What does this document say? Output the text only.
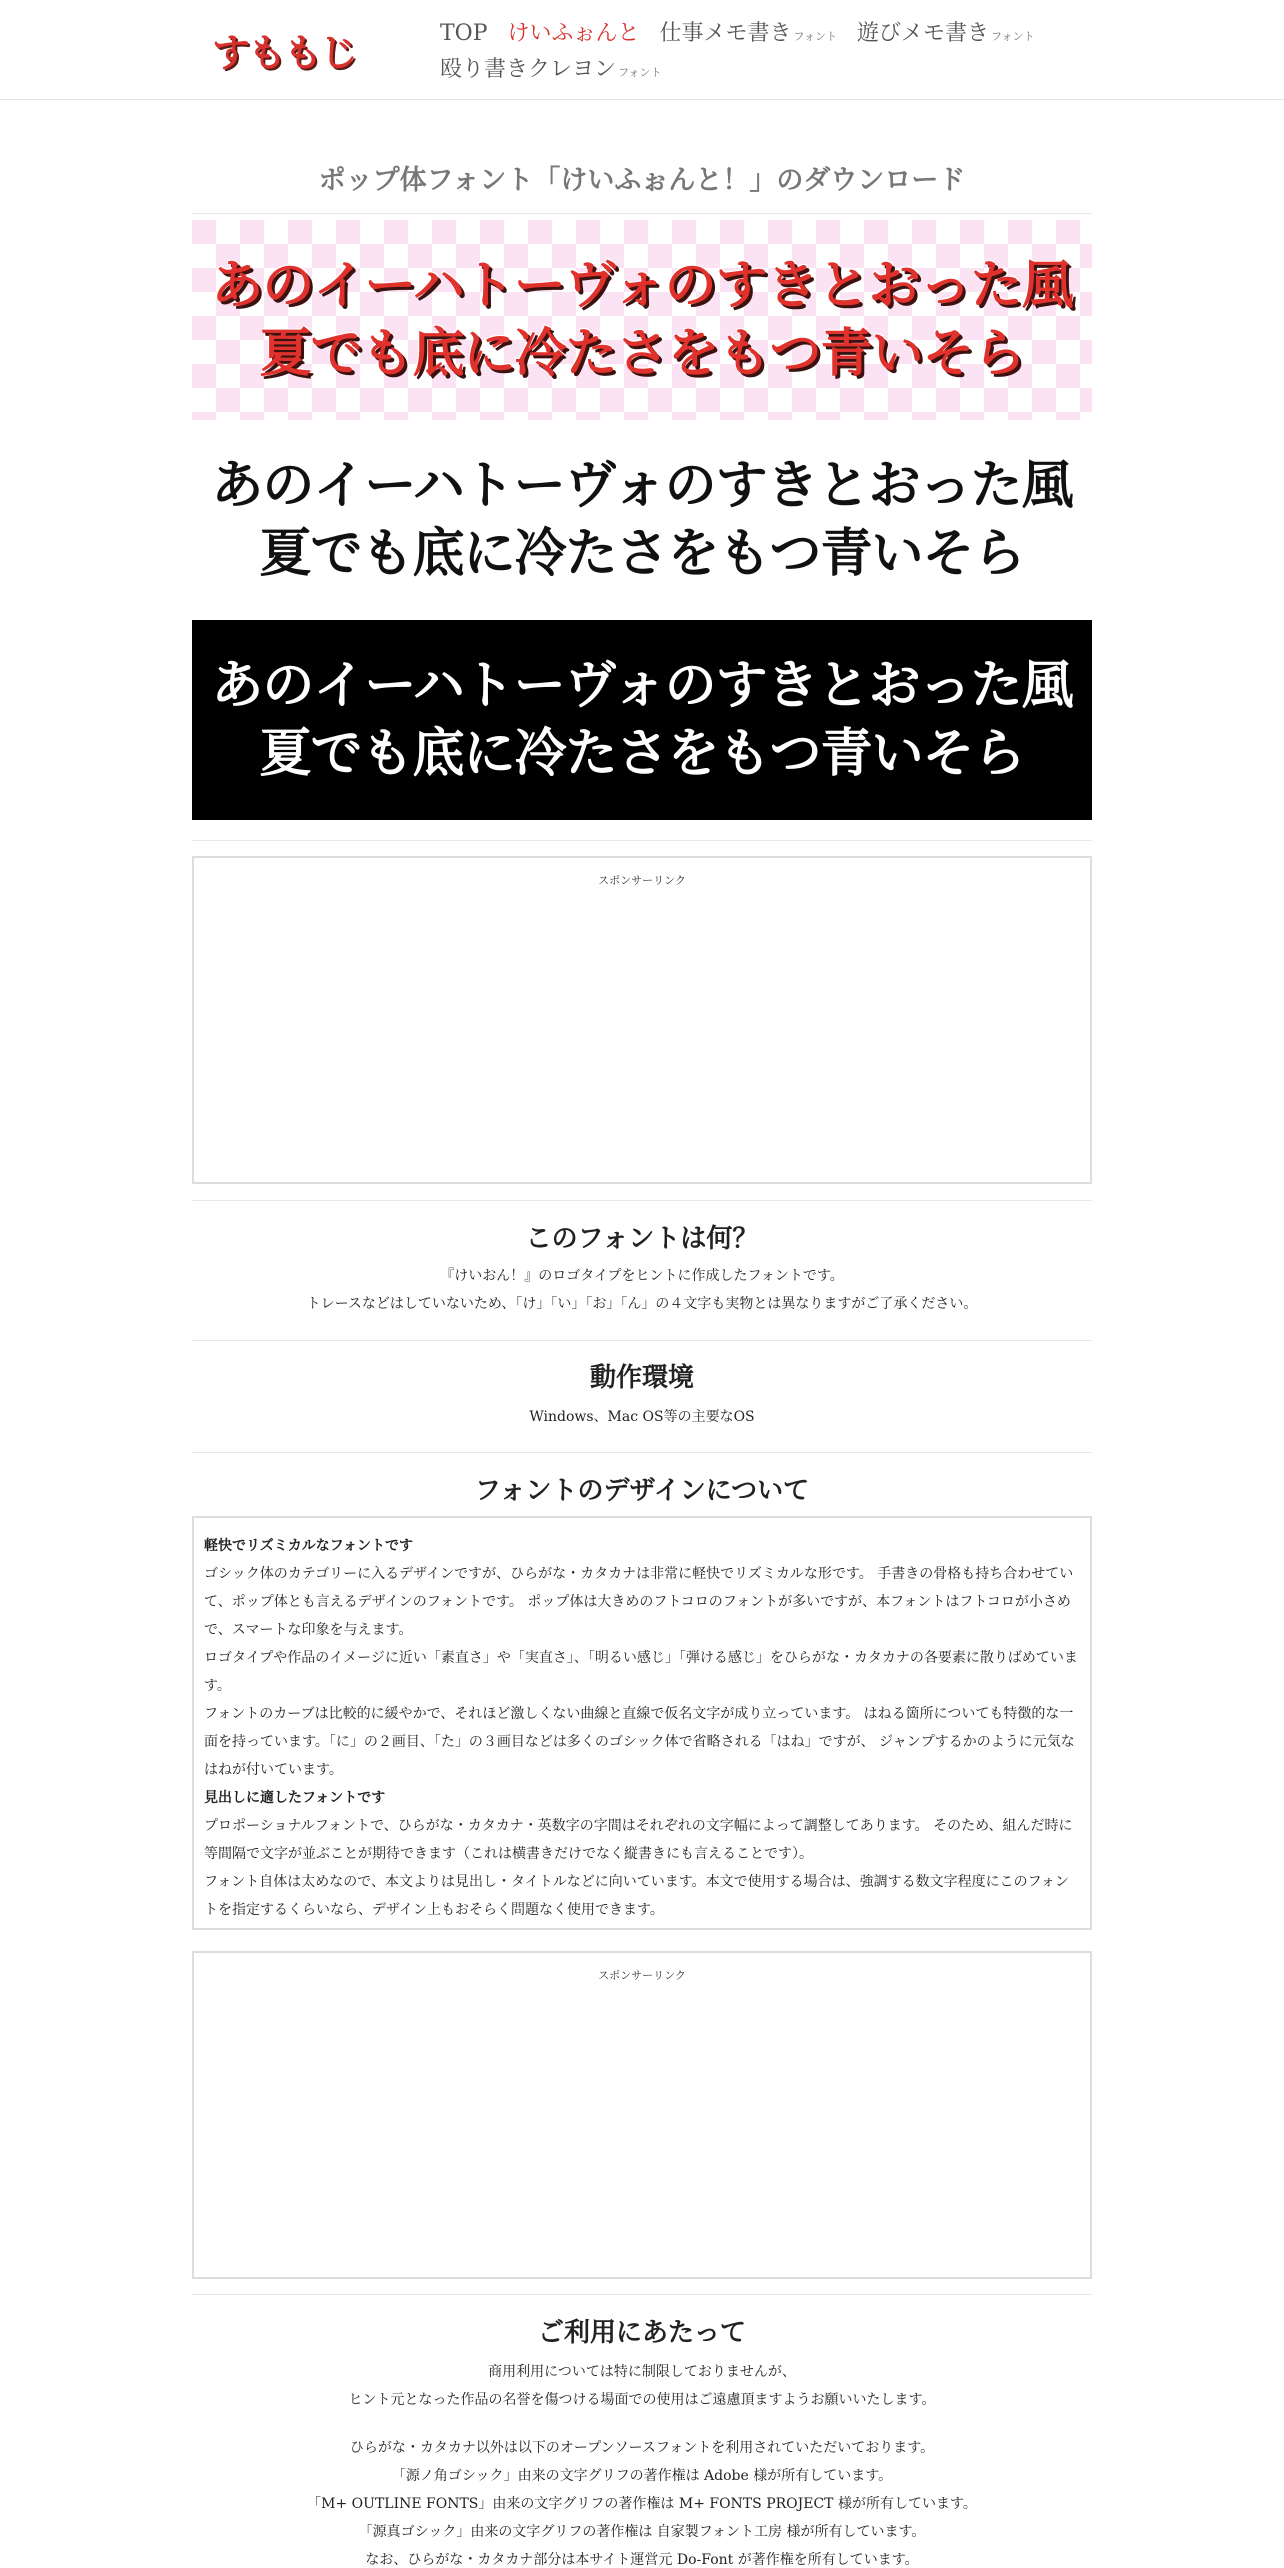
すももじ	TOP けいふぉんと 仕事メモ書き フォント 遊びメモ書き フォント
殴り書きクレヨン フォント
ポップ体フォント「けいふぉんと！」のダウンロード
あのイーハトーヴォのすきとおった風
夏でも底に冷たさをもつ青いそら
あのイーハトーヴォのすきとおった風
夏でも底に冷たさをもつ青いそら
あのイーハトーヴォのすきとおった風
夏でも底に冷たさをもつ青いそら
スポンサーリンク
このフォントは何？
『けいおん！』のロゴタイプをヒントに作成したフォントです。
トレースなどはしていないため、「け」「い」「お」「ん」の４文字も実物とは異なりますがご了承ください。
動作環境
Windows、Mac OS等の主要なOS
フォントのデザインについて

軽快でリズミカルなフォントです

ゴシック体のカテゴリーに入るデザインですが、ひらがな・カタカナは非常に軽快でリズミカルな形です。 手書きの骨格も持ち合わせていて、ポップ体とも言えるデザインのフォントです。 ポップ体は大きめのフトコロのフォントが多いですが、本フォントはフトコロが小さめで、スマートな印象を与えます。

ロゴタイプや作品のイメージに近い「素直さ」や「実直さ」、「明るい感じ」「弾ける感じ」をひらがな・カタカナの各要素に散りばめています。

フォントのカーブは比較的に緩やかで、それほど激しくない曲線と直線で仮名文字が成り立っています。 はねる箇所についても特徴的な一面を持っています。「に」の２画目、「た」の３画目などは多くのゴシック体で省略される「はね」ですが、 ジャンプするかのように元気なはねが付いています。

見出しに適したフォントです

プロポーショナルフォントで、ひらがな・カタカナ・英数字の字間はそれぞれの文字幅によって調整してあります。 そのため、組んだ時に等間隔で文字が並ぶことが期待できます（これは横書きだけでなく縦書きにも言えることです）。

フォント自体は太めなので、本文よりは見出し・タイトルなどに向いています。本文で使用する場合は、強調する数文字程度にこのフォントを指定するくらいなら、デザイン上もおそらく問題なく使用できます。

スポンサーリンク
ご利用にあたって
商用利用については特に制限しておりませんが、
ヒント元となった作品の名誉を傷つける場面での使用はご遠慮頂ますようお願いいたします。
ひらがな・カタカナ以外は以下のオープンソースフォントを利用されていただいております。
「源ノ角ゴシック」由来の文字グリフの著作権は Adobe 様が所有しています。
「M+ OUTLINE FONTS」由来の文字グリフの著作権は M+ FONTS PROJECT 様が所有しています。
「源真ゴシック」由来の文字グリフの著作権は 自家製フォント工房 様が所有しています。
なお、ひらがな・カタカナ部分は本サイト運営元 Do-Font が著作権を所有しています。
